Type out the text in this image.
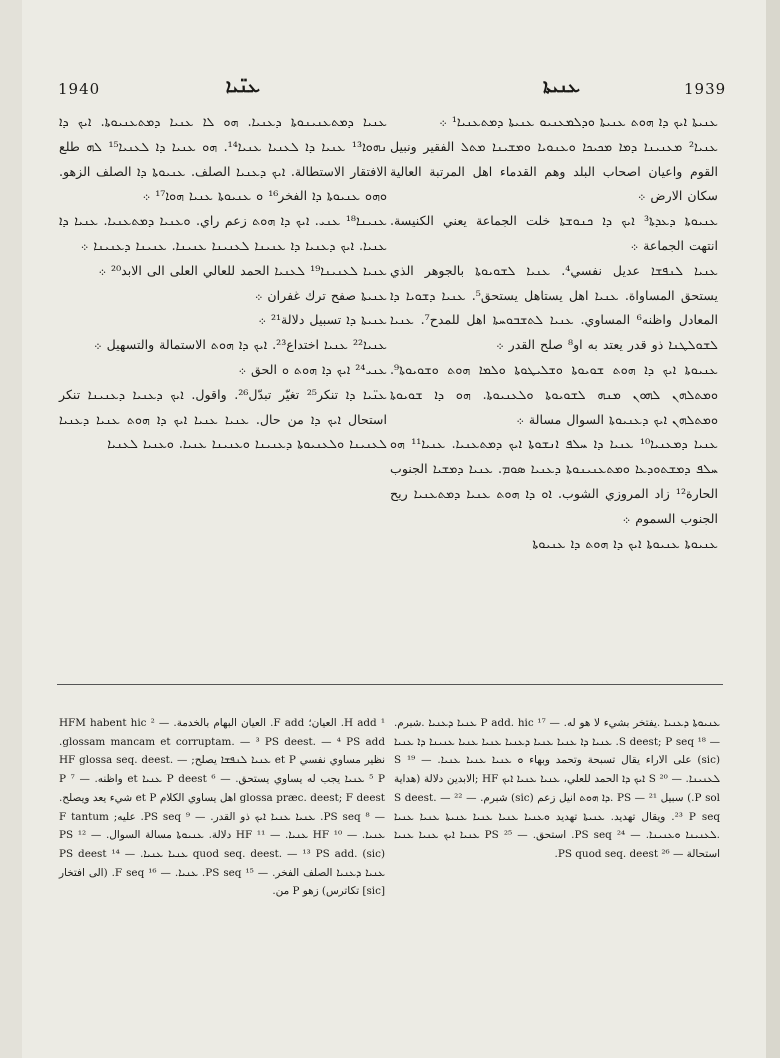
1940	ܥܢ̈ܝܐ	ܥܢܝܬܐ	1939

ܥܢܝܐ ܕܡܬܥܢܝܢܘܬܐ ܕܥܢܝܐ. ܗܘ ܠܐ ܥܢܝܐ ܕܡܬܥܢܝܘܬܐ. ܐܝܟ ܕܐ ܢܗܘܐ¹³ ܥܢܝܐ ܕܐ ܠܥܢܝܐ ܥܢܝܐ¹⁴. ܗܘ ܥܢܝܐ ܕܐ ܠܥܢܝܐ¹⁵ ܠܗ طلع الافتقار الاستطالة. ܐܝܟ ܕܥܢܝܐ الصلف. ܥܢܝܘܬܐ ܕܐ الصلف الزهو. ܘܗܘ ܥܢܝܘܬܐ ܕܐ الفخر¹⁶ ܘ ܥܢܝܘܬܐ ܥܢܝܐ ܗܘܐ¹⁷ ܀

ܥܢܝܢܐ¹⁸ ܥܢܝ. ܐܝܟ ܕܐ ܗܘܬ زعم راي. ܘܥܢܝܐ ܕܡܬܥܢܝܐ. ܥܢܝܐ ܕܐ ܥܢܝܐ. ܐܝܟ ܕܥܢܝܐ ܕܐ ܥܢܝܢܐ ܠܥܢܝܢܐ ܥܢܝܢܐ. ܥܢܝܢܐ ܕܥܢܝܢܐ ܀

ܥܢܝܐ ܠܥܢܝܢܐ¹⁹ ܠܥܢܝܐ الحمد للعالي العلى الى الابد²⁰ ܀

ܥܢܝܬܐ صفح ترك غفران ܀

ܥܢܝܬܐ ܕܐ تسبيل دلالة²¹ ܀

ܥܢܝܐ²² ܥܢܝܐ اختداع²³. ܐܝܟ ܕܐ ܗܘܬ الاستمالة والتسهيل ܀

ܥܢܝ²⁴ ܐܝܟ ܕܐ ܗܘܬ ܘ الحق ܀

ܥܢ̈ܝܐ ܕܐ تنكر²⁵ تغيّر تبدّل²⁶. واقول. ܐܝܟ ܕܥܢܝܐ ܕܥܢܝܢܐ تنكر استحال ܐܝܟ ܕܐ من حال. ܥܢܝܐ ܥܢܝܐ ܐܝܟ ܕܐ ܗܘܬ ܥܢܝܐ ܕܥܢܝܐ ܠܥܢܝܢܐ ܘܠܥܢܝܘܬܐ ܕܥܢܝܢܐ ܘܥܢܝܢܐ ܥܢܝܐ. ܘܥܢܝܐ ܠܥܢܝܐ

ܥܢܝܬܐ ܐܝܟ ܕܐ ܗܘܬ ܥܢܝܬܐ ܘܕܠܡܥܢܝܘ ܥܢܝܬܐ ܕܡܬܥܢܝܐ¹ ܀

ܥܢܝܐ² ܡܥܢܝܢܐ ܕܡܐ ܡܟܝܟܐ ܘܥܢܘܝܐ ܘܡܫܝܢܐ ܡܬܠ الفقير ونبيل القوم واعيان اصحاب البلد وهم القدماء اهل المرتبة العالية سكان الارض ܀

ܥܢܝܘܬܐ ܕܥܕܬܐ³ ܐܝܟ ܕܐ ܟܢܘܫܬܐ خلت الجماعة يعني الكنيسة. انتهت الجماعة ܀

ܥܢܝܐ ܠܢܦܫܐ عديل نفسي⁴. ܥܢܝܐ ܠܫܘܝܘܬܐ بالجوهر الذي يستحق المساواة. ܥܢܝܐ اهل يستاهل يستحق⁵. ܥܢܝܐ ܕܫܘܝܐ ܕܐ المعادل واظنه⁶ المساوي. ܥܢܝܐ ܠܬܫܒܘܚܬܐ اهل للمدح⁷. ܥܢܝܐ ܠܫܘܠܛܢܐ ذو قدر يعتد به او⁸ صلح القدر ܀

ܥܢܝܘܬܐ ܐܝܟ ܕܐ ܗܘܬ ܫܘܝܘܬܐ ܘܫܠܝܛܘܬܐ ܘܠܡܐ ܗܘܬ ܘܫܘܝܘܬܐ⁹. ܘܡܬܠܗܢ ܠܗܘܢ ܡܢܗ ܠܫܘܝܘܬܐ ܘܠܥܢܝܘܬܐ. ܗܘ ܕܐ ܫܘܝܘܬܐ ܘܡܬܠܗܢ ܐܝܟ ܕܥܢܝܘܬܐ السوال مسالة ܀

ܥܢܝܐ ܕܡܥܢܝܐ¹⁰ ܥܢܝܐ ܕܐ ܚܠܦ ܐܢܫܘܬܐ ܐܝܟ ܕܡܬܥܢܝܐ. ܥܢܝܐ¹¹ ܗܘ ܚܠܦ ܕܡܫܬܘܕܥܐ ܘܡܬܥܢܝܢܘܬܐ ܕܥܢܝܐ ܣܘܡ. ܥܢܝܐ ܕܡܫܝܐ الجنوب الحارة¹² زاد المروزي الشوب. ܐܘ ܕܐ ܗܘܬ ܥܢܝܐ ܕܡܬܥܢܝܐ ريح الجنوب السموم ܀

ܥܢܝܘܬܐ ܥܢܝܘܬܐ ܐܝܟ ܕܐ ܗܘܬ ܕܐ ܥܢܝܘܬܐ

¹ H add. العيان؛ F add. العيان البهام بالخدمة. — ² HFM habent hic glossam mancam et corruptam. — ³ PS deest. — ⁴ PS add. نظير مساوي نفسي et P ܥܢܝܐ ܠܢܦܫܐ يصلح; HF glossa seq. deest. — ⁵ P ܥܢܝܐ يجب له يساوي يستحق. — ⁶ P deest ܥܢܝܐ et واظنه. — ⁷ P glossa præc. deest; F deest اهل يساوي الكلام et P شيء يعد ويصلح. — ⁸ PS seq. ܥܢܝܐ ܥܢܝܐ ܐܝܟ ذو القدر. — ⁹ PS seq. عليه; F tantum ܥܢܝܐ. — ¹⁰ HF ܥܢܝܐ. — ¹¹ HF دلالة. ܥܢܝܘܬܐ مسالة السوال. — ¹² PS quod seq. deest. — ¹³ PS add. (sic) ܥܢܝܐ ܥܢܝܐ. — ¹⁴ PS deest ܥܢܝܐ ܕܥܢܝܐ الصلف الفخر. — ¹⁵ PS seq. ܥܢܝܐ. — ¹⁶ F seq. (الى افتخار [sic] تكاترس) زهو P من.

ܥܢܝܘܬܐ ܕܥܢܝܐ .يفتخر بشيء لا هو له. — ¹⁷ P add. hic ܥܢܝܐ ܕܥܢܝܐ .شبرم. — ¹⁸ S deest; P seq. ܥܢܝܐ ܕܐ ܥܢܝܐ ܥܢܝܐ ܕܥܢܝܐ ܥܢܝܐ ܥܢܝܐ ܥܢܝܢܐ ܕܐ ܥܢܝܐ (sic) على الاراء يقال تسبحة وتحمد وبهاء ܘ ܥܢܝܐ ܥܢܝܐ ܥܢܝܐ. — ¹⁹ S ܠܥܢܝܢܐ. — ²⁰ S ܐܝܟ ܕܐ الحمد للعلي، ܥܢܝܐ ܥܢܝܐ ܐܝܟ HF ;الابدين دلالة (هداية P sol.) سبيل PS — ²¹ .ܕܐ ܗܘܬ انيل زعم (sic) شبرم. — ²² S deest. — ²³ P seq. ويقال تهديد. ܥܢܝܬܐ تهديد ܘܥܢܝܐ ܥܢܝܐ ܥܢܝܐ ܥܢܝܬܐ ܥܢܝܐ ܥܢܝܐ .ܠܥܢܝܢܐ ܘܥܢܝܢܐ. — ²⁴ PS seq. استحق. — ²⁵ PS ܥܢܝܐ ܐܝܟ ܥܢܝܐ ܥܢܝܐ استحالة — ²⁶ PS quod seq. deest.
